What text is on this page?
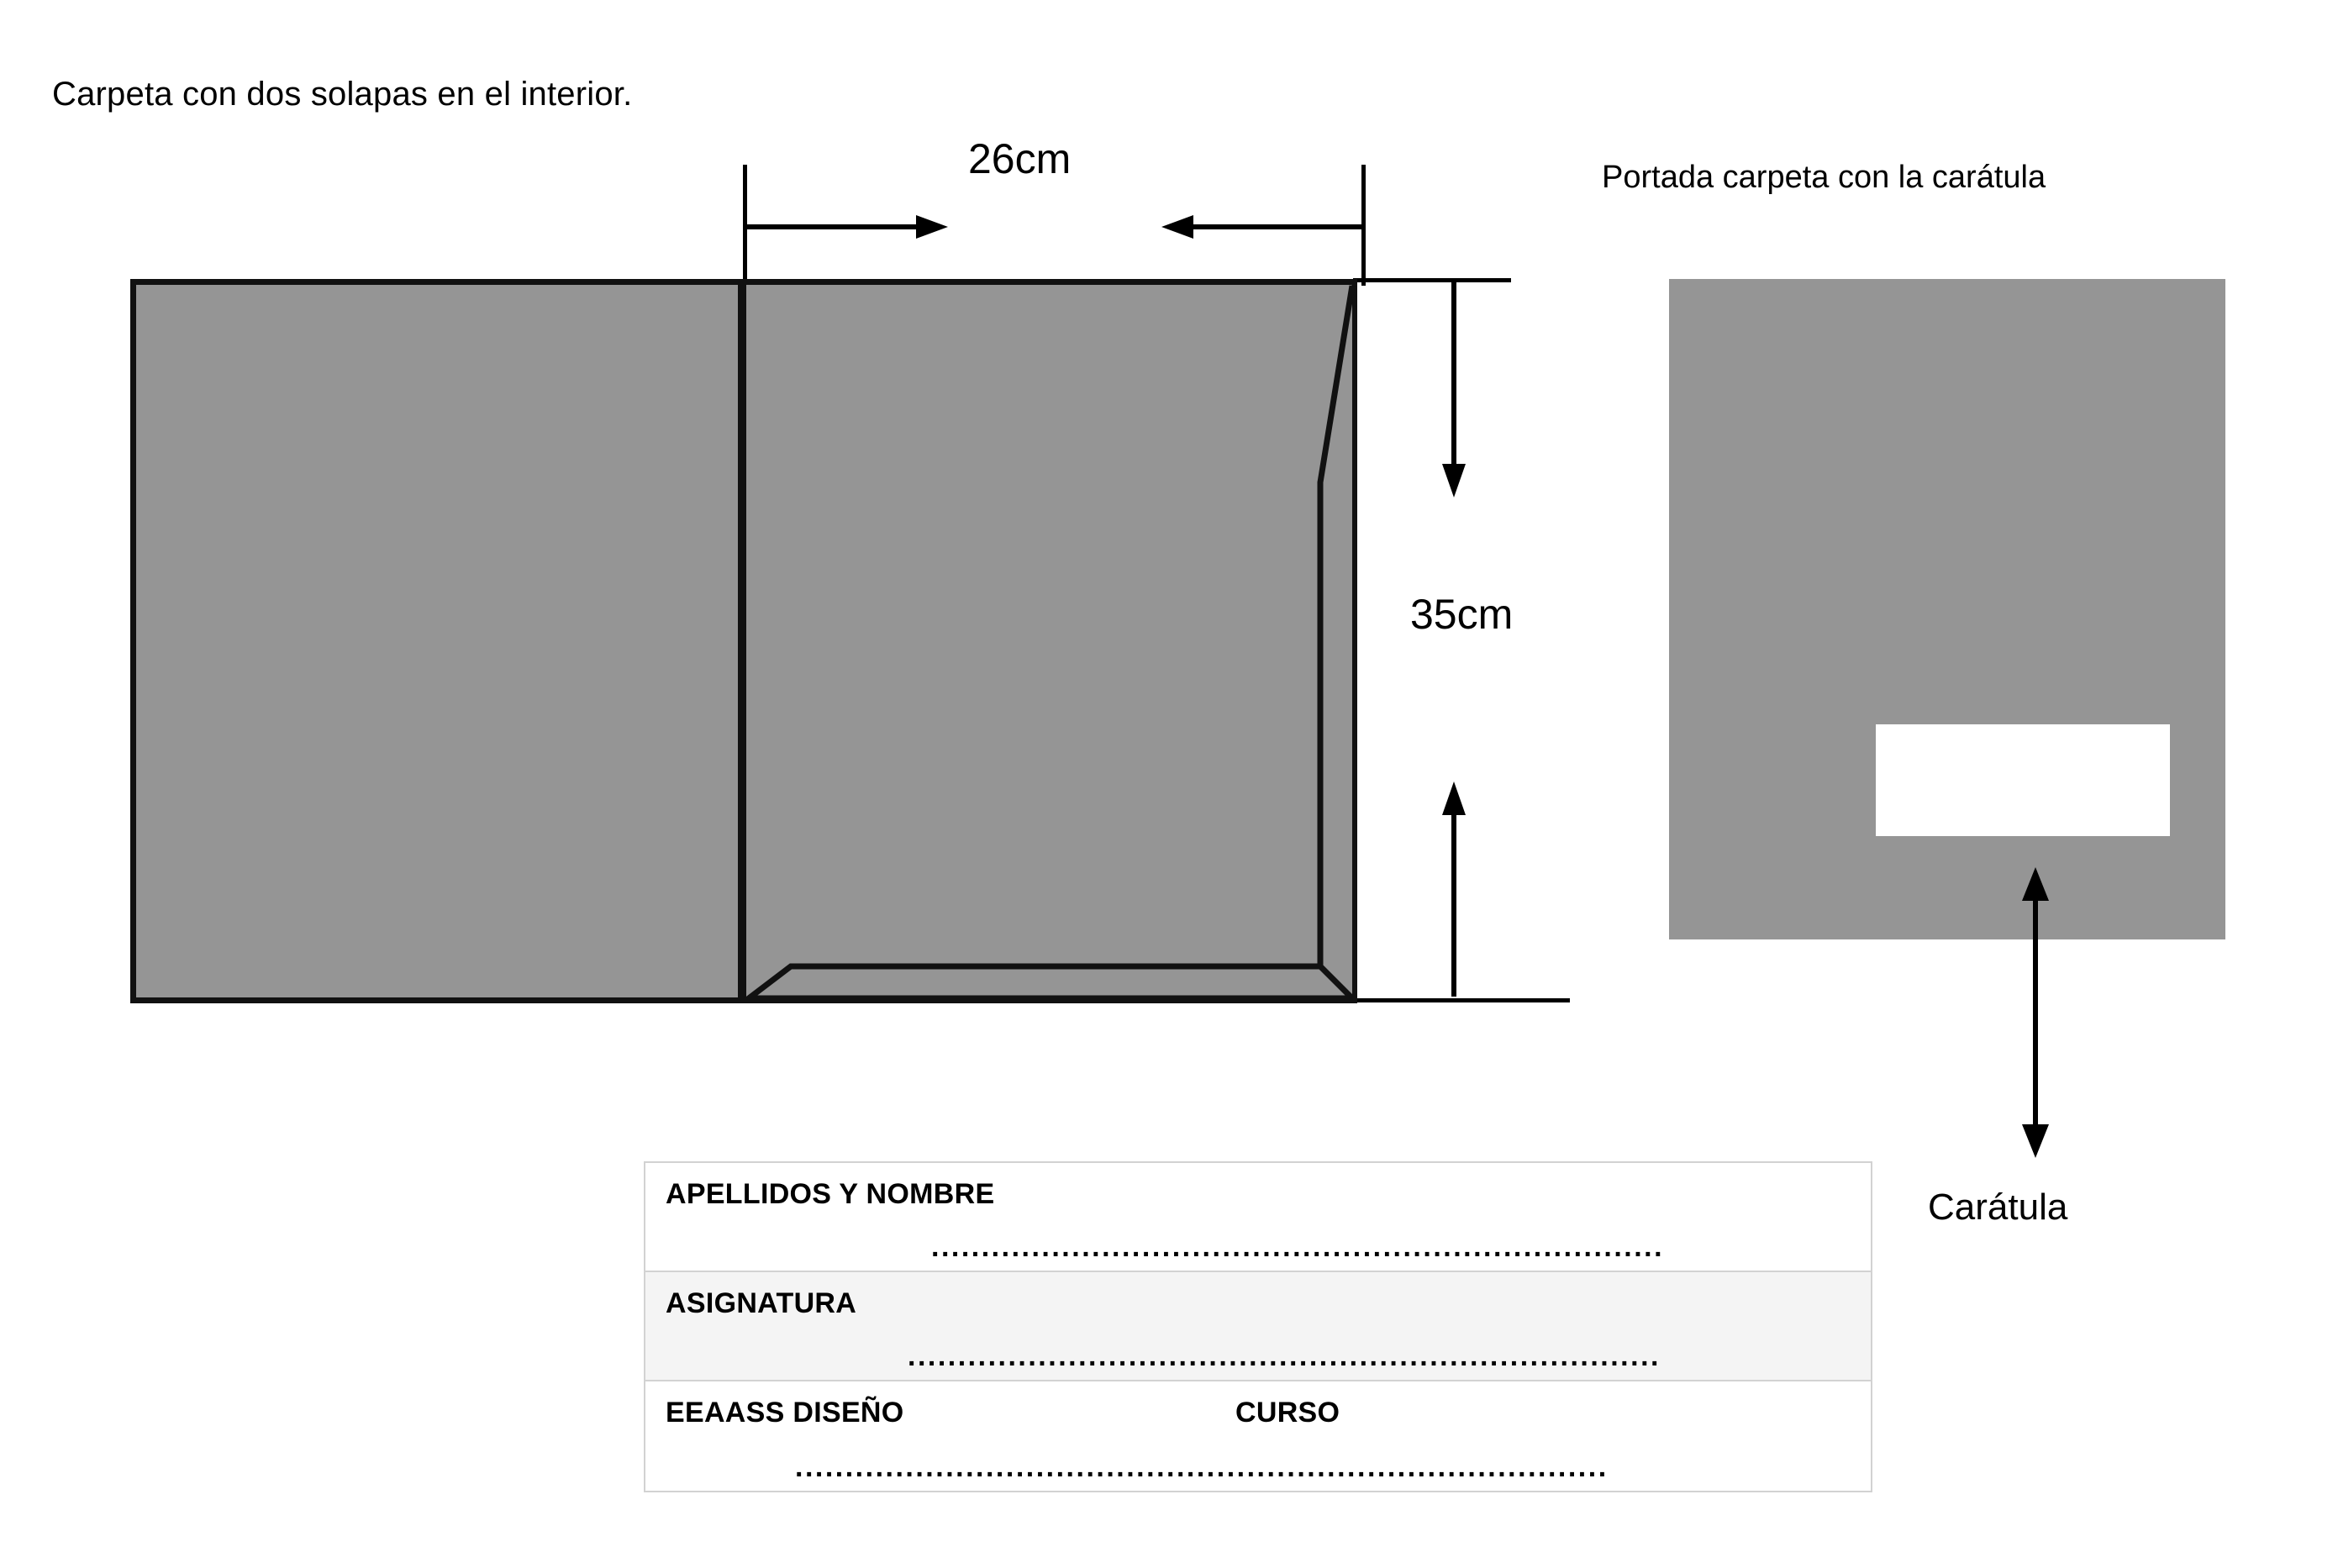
Carpeta con dos solapas en el interior.
26cm
35cm
Portada carpeta con la carátula
Carátula
APELLIDOS Y NOMBRE
.........................................................................
ASIGNATURA
...........................................................................
EEAASS DISEÑO	CURSO
.................................................................................
